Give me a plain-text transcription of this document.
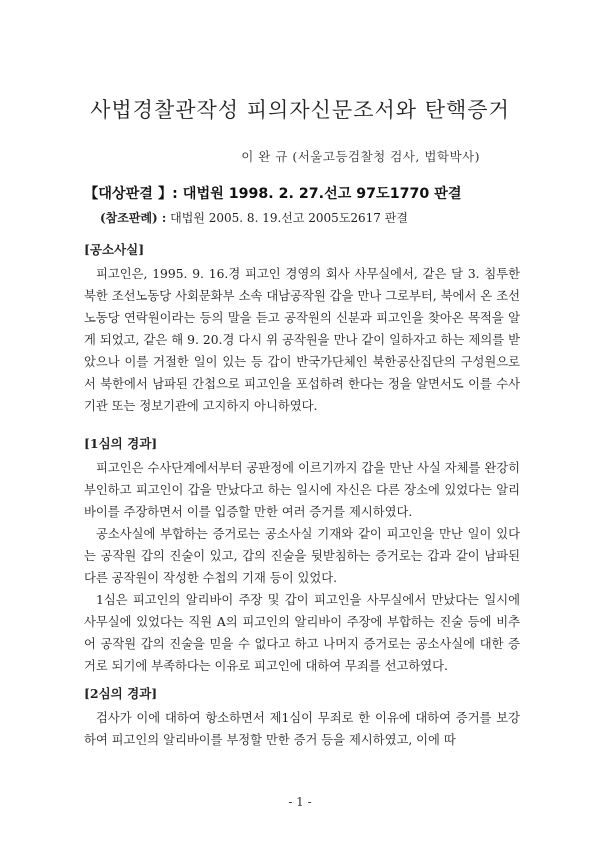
사법경찰관작성 피의자신문조서와 탄핵증거
이 완 규 (서울고등검찰청 검사, 법학박사)
【대상판결 】: 대법원 1998. 2. 27.선고 97도1770 판결
(참조판례) : 대법원 2005. 8. 19.선고 2005도2617 판결
[공소사실]

피고인은, 1995. 9. 16.경 피고인 경영의 회사 사무실에서, 같은 달 3. 침투한 북한 조선노동당 사회문화부 소속 대남공작원 갑을 만나 그로부터, 북에서 온 조선노동당 연락원이라는 등의 말을 듣고 공작원의 신분과 피고인을 찾아온 목적을 알게 되었고, 같은 해 9. 20.경 다시 위 공작원을 만나 같이 일하자고 하는 제의를 받았으나 이를 거절한 일이 있는 등 갑이 반국가단체인 북한공산집단의 구성원으로서 북한에서 남파된 간첩으로 피고인을 포섭하려 한다는 정을 알면서도 이를 수사기관 또는 정보기관에 고지하지 아니하였다.

[1심의 경과]

피고인은 수사단계에서부터 공판정에 이르기까지 갑을 만난 사실 자체를 완강히 부인하고 피고인이 갑을 만났다고 하는 일시에 자신은 다른 장소에 있었다는 알리바이를 주장하면서 이를 입증할 만한 여러 증거를 제시하였다.

공소사실에 부합하는 증거로는 공소사실 기재와 같이 피고인을 만난 일이 있다는 공작원 갑의 진술이 있고, 갑의 진술을 뒷받침하는 증거로는 갑과 같이 남파된 다른 공작원이 작성한 수첩의 기재 등이 있었다.

1심은 피고인의 알리바이 주장 및 갑이 피고인을 사무실에서 만났다는 일시에 사무실에 있었다는 직원 A의 피고인의 알리바이 주장에 부합하는 진술 등에 비추어 공작원 갑의 진술을 믿을 수 없다고 하고 나머지 증거로는 공소사실에 대한 증거로 되기에 부족하다는 이유로 피고인에 대하여 무죄를 선고하였다.

[2심의 경과]

검사가 이에 대하여 항소하면서 제1심이 무죄로 한 이유에 대하여 증거를 보강하여 피고인의 알리바이를 부정할 만한 증거 등을 제시하였고, 이에 따

- 1 -
